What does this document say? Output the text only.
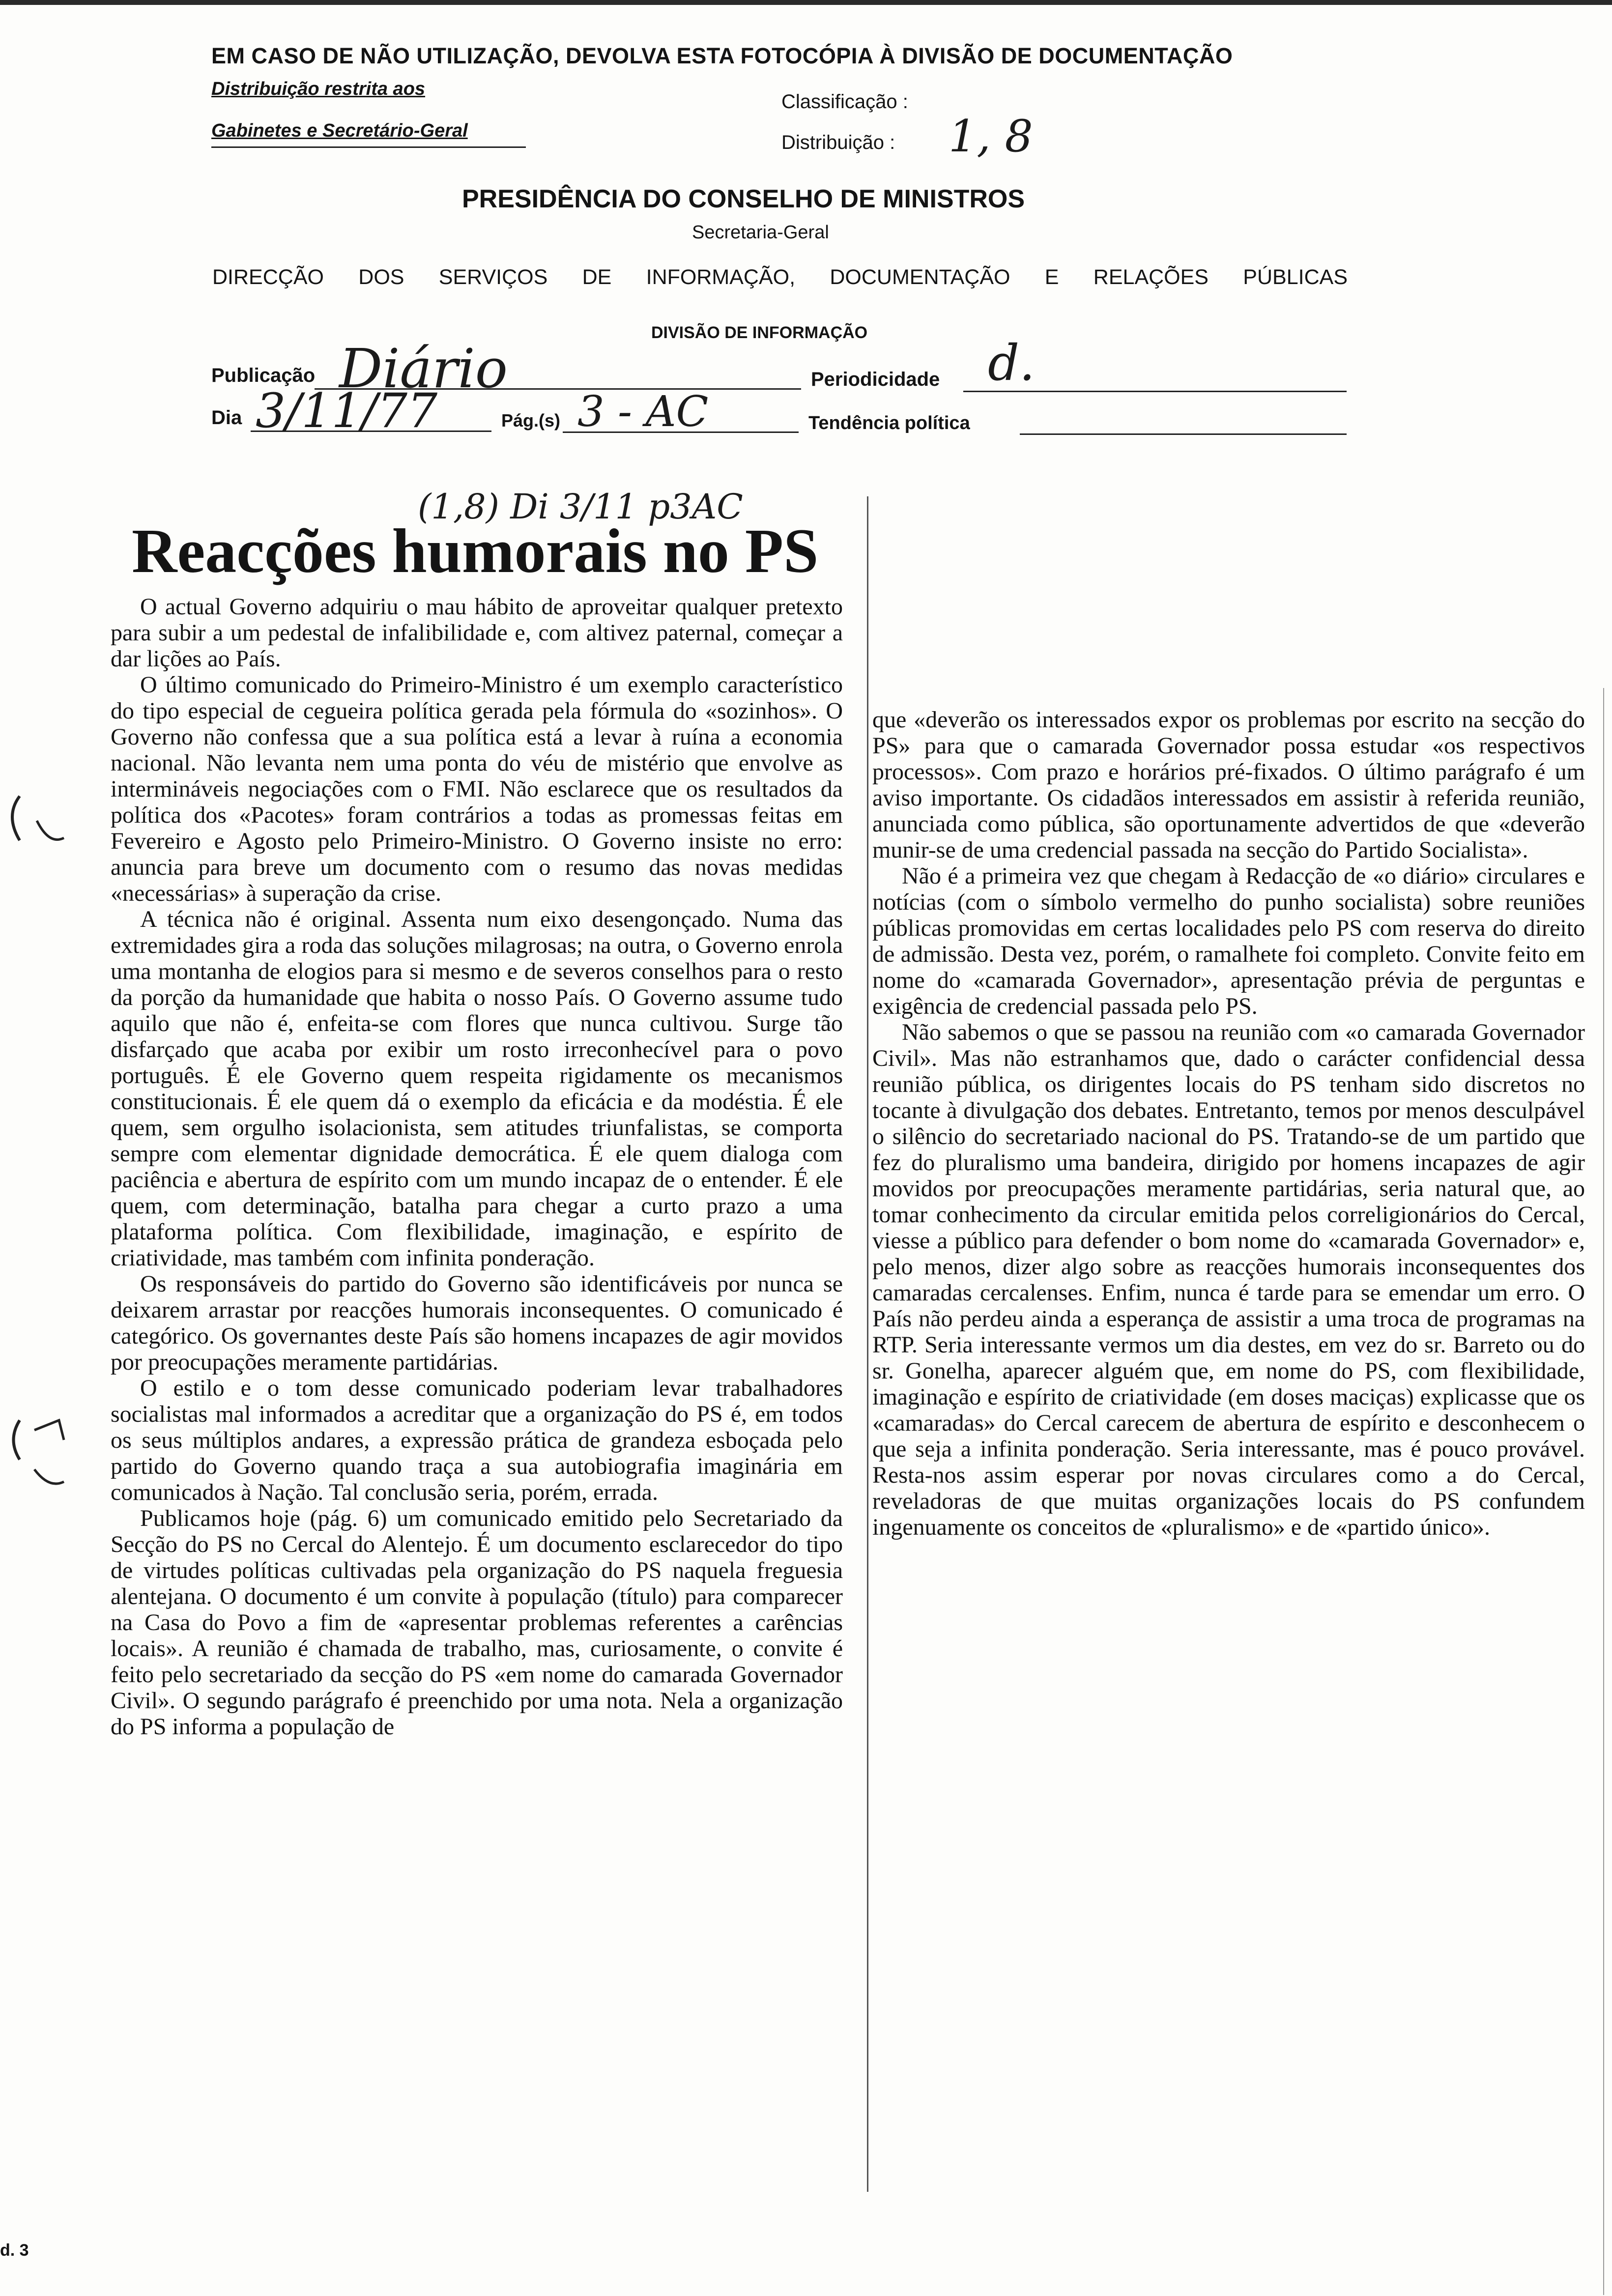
EM CASO DE NÃO UTILIZAÇÃO, DEVOLVA ESTA FOTOCÓPIA À DIVISÃO DE DOCUMENTAÇÃO
Distribuição restrita aos
Gabinetes e Secretário-Geral
Classificação :
Distribuição : 1, 8
PRESIDÊNCIA DO CONSELHO DE MINISTROS
Secretaria-Geral
DIRECÇÃO DOS SERVIÇOS DE INFORMAÇÃO, DOCUMENTAÇÃO E RELAÇÕES PÚBLICAS
DIVISÃO DE INFORMAÇÃO
Publicação Diário	Periodicidade d.
Dia 3/11/77	Pág.(s) 3 - AC	Tendência política
Reacções humorais no PS
(1,8) Di 3/11 p3AC

O actual Governo adquiriu o mau hábito de aproveitar qualquer pretexto para subir a um pedestal de infalibilidade e, com altivez paternal, começar a dar lições ao País.

O último comunicado do Primeiro-Ministro é um exemplo característico do tipo especial de cegueira política gerada pela fórmula do «sozinhos». O Governo não confessa que a sua política está a levar à ruína a economia nacional. Não levanta nem uma ponta do véu de mistério que envolve as intermináveis negociações com o FMI. Não esclarece que os resultados da política dos «Pacotes» foram contrários a todas as promessas feitas em Fevereiro e Agosto pelo Primeiro-Ministro. O Governo insiste no erro: anuncia para breve um documento com o resumo das novas medidas «necessárias» à superação da crise.

A técnica não é original. Assenta num eixo desengonçado. Numa das extremidades gira a roda das soluções milagrosas; na outra, o Governo enrola uma montanha de elogios para si mesmo e de severos conselhos para o resto da porção da humanidade que habita o nosso País. O Governo assume tudo aquilo que não é, enfeita-se com flores que nunca cultivou. Surge tão disfarçado que acaba por exibir um rosto irreconhecível para o povo português. É ele Governo quem respeita rigidamente os mecanismos constitucionais. É ele quem dá o exemplo da eficácia e da modéstia. É ele quem, sem orgulho isolacionista, sem atitudes triunfalistas, se comporta sempre com elementar dignidade democrática. É ele quem dialoga com paciência e abertura de espírito com um mundo incapaz de o entender. É ele quem, com determinação, batalha para chegar a curto prazo a uma plataforma política. Com flexibilidade, imaginação, e espírito de criatividade, mas também com infinita ponderação.

Os responsáveis do partido do Governo são identificáveis por nunca se deixarem arrastar por reacções humorais inconsequentes. O comunicado é categórico. Os governantes deste País são homens incapazes de agir movidos por preocupações meramente partidárias.

O estilo e o tom desse comunicado poderiam levar trabalhadores socialistas mal informados a acreditar que a organização do PS é, em todos os seus múltiplos andares, a expressão prática de grandeza esboçada pelo partido do Governo quando traça a sua autobiografia imaginária em comunicados à Nação. Tal conclusão seria, porém, errada.

Publicamos hoje (pág. 6) um comunicado emitido pelo Secretariado da Secção do PS no Cercal do Alentejo. É um documento esclarecedor do tipo de virtudes políticas cultivadas pela organização do PS naquela freguesia alentejana. O documento é um convite à população (título) para comparecer na Casa do Povo a fim de «apresentar problemas referentes a carências locais». A reunião é chamada de trabalho, mas, curiosamente, o convite é feito pelo secretariado da secção do PS «em nome do camarada Governador Civil». O segundo parágrafo é preenchido por uma nota. Nela a organização do PS informa a população de

que «deverão os interessados expor os problemas por escrito na secção do PS» para que o camarada Governador possa estudar «os respectivos processos». Com prazo e horários pré-fixados. O último parágrafo é um aviso importante. Os cidadãos interessados em assistir à referida reunião, anunciada como pública, são oportunamente advertidos de que «deverão munir-se de uma credencial passada na secção do Partido Socialista».

Não é a primeira vez que chegam à Redacção de «o diário» circulares e notícias (com o símbolo vermelho do punho socialista) sobre reuniões públicas promovidas em certas localidades pelo PS com reserva do direito de admissão. Desta vez, porém, o ramalhete foi completo. Convite feito em nome do «camarada Governador», apresentação prévia de perguntas e exigência de credencial passada pelo PS.

Não sabemos o que se passou na reunião com «o camarada Governador Civil». Mas não estranhamos que, dado o carácter confidencial dessa reunião pública, os dirigentes locais do PS tenham sido discretos no tocante à divulgação dos debates. Entretanto, temos por menos desculpável o silêncio do secretariado nacional do PS. Tratando-se de um partido que fez do pluralismo uma bandeira, dirigido por homens incapazes de agir movidos por preocupações meramente partidárias, seria natural que, ao tomar conhecimento da circular emitida pelos correligionários do Cercal, viesse a público para defender o bom nome do «camarada Governador» e, pelo menos, dizer algo sobre as reacções humorais inconsequentes dos camaradas cercalenses. Enfim, nunca é tarde para se emendar um erro. O País não perdeu ainda a esperança de assistir a uma troca de programas na RTP. Seria interessante vermos um dia destes, em vez do sr. Barreto ou do sr. Gonelha, aparecer alguém que, em nome do PS, com flexibilidade, imaginação e espírito de criatividade (em doses maciças) explicasse que os «camaradas» do Cercal carecem de abertura de espírito e desconhecem o que seja a infinita ponderação. Seria interessante, mas é pouco provável. Resta-nos assim esperar por novas circulares como a do Cercal, reveladoras de que muitas organizações locais do PS confundem ingenuamente os conceitos de «pluralismo» e de «partido único».

d. 3
